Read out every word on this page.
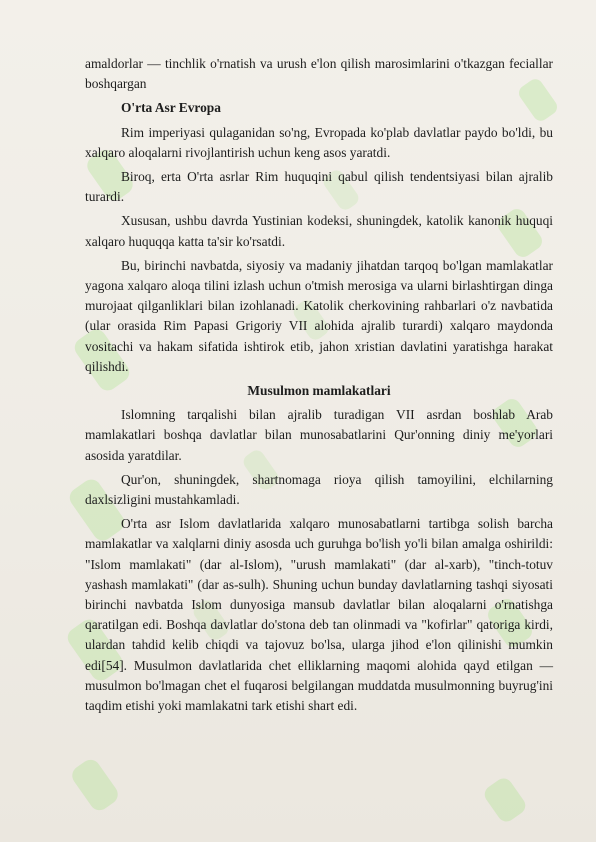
amaldorlar — tinchlik o'rnatish va urush e'lon qilish marosimlarini o'tkazgan feciallar boshqargan

O'rta Asr Evropa

Rim imperiyasi qulaganidan so'ng, Evropada ko'plab davlatlar paydo bo'ldi, bu xalqaro aloqalarni rivojlantirish uchun keng asos yaratdi.

Biroq, erta O'rta asrlar Rim huquqini qabul qilish tendentsiyasi bilan ajralib turardi.

Xususan, ushbu davrda Yustinian kodeksi, shuningdek, katolik kanonik huquqi xalqaro huquqqa katta ta'sir ko'rsatdi.

Bu, birinchi navbatda, siyosiy va madaniy jihatdan tarqoq bo'lgan mamlakatlar yagona xalqaro aloqa tilini izlash uchun o'tmish merosiga va ularni birlashtirgan dinga murojaat qilganliklari bilan izohlanadi. Katolik cherkovining rahbarlari o'z navbatida (ular orasida Rim Papasi Grigoriy VII alohida ajralib turardi) xalqaro maydonda vositachi va hakam sifatida ishtirok etib, jahon xristian davlatini yaratishga harakat qilishdi.

Musulmon mamlakatlari

Islomning tarqalishi bilan ajralib turadigan VII asrdan boshlab Arab mamlakatlari boshqa davlatlar bilan munosabatlarini Qur'onning diniy me'yorlari asosida yaratdilar.

Qur'on, shuningdek, shartnomaga rioya qilish tamoyilini, elchilarning daxlsizligini mustahkamladi.

O'rta asr Islom davlatlarida xalqaro munosabatlarni tartibga solish barcha mamlakatlar va xalqlarni diniy asosda uch guruhga bo'lish yo'li bilan amalga oshirildi: "Islom mamlakati" (dar al-Islom), "urush mamlakati" (dar al-xarb), "tinch-totuv yashash mamlakati" (dar as-sulh). Shuning uchun bunday davlatlarning tashqi siyosati birinchi navbatda Islom dunyosiga mansub davlatlar bilan aloqalarni o'rnatishga qaratilgan edi. Boshqa davlatlar do'stona deb tan olinmadi va "kofirlar" qatoriga kirdi, ulardan tahdid kelib chiqdi va tajovuz bo'lsa, ularga jihod e'lon qilinishi mumkin edi[54]. Musulmon davlatlarida chet elliklarning maqomi alohida qayd etilgan — musulmon bo'lmagan chet el fuqarosi belgilangan muddatda musulmonning buyrug'ini taqdim etishi yoki mamlakatni tark etishi shart edi.
